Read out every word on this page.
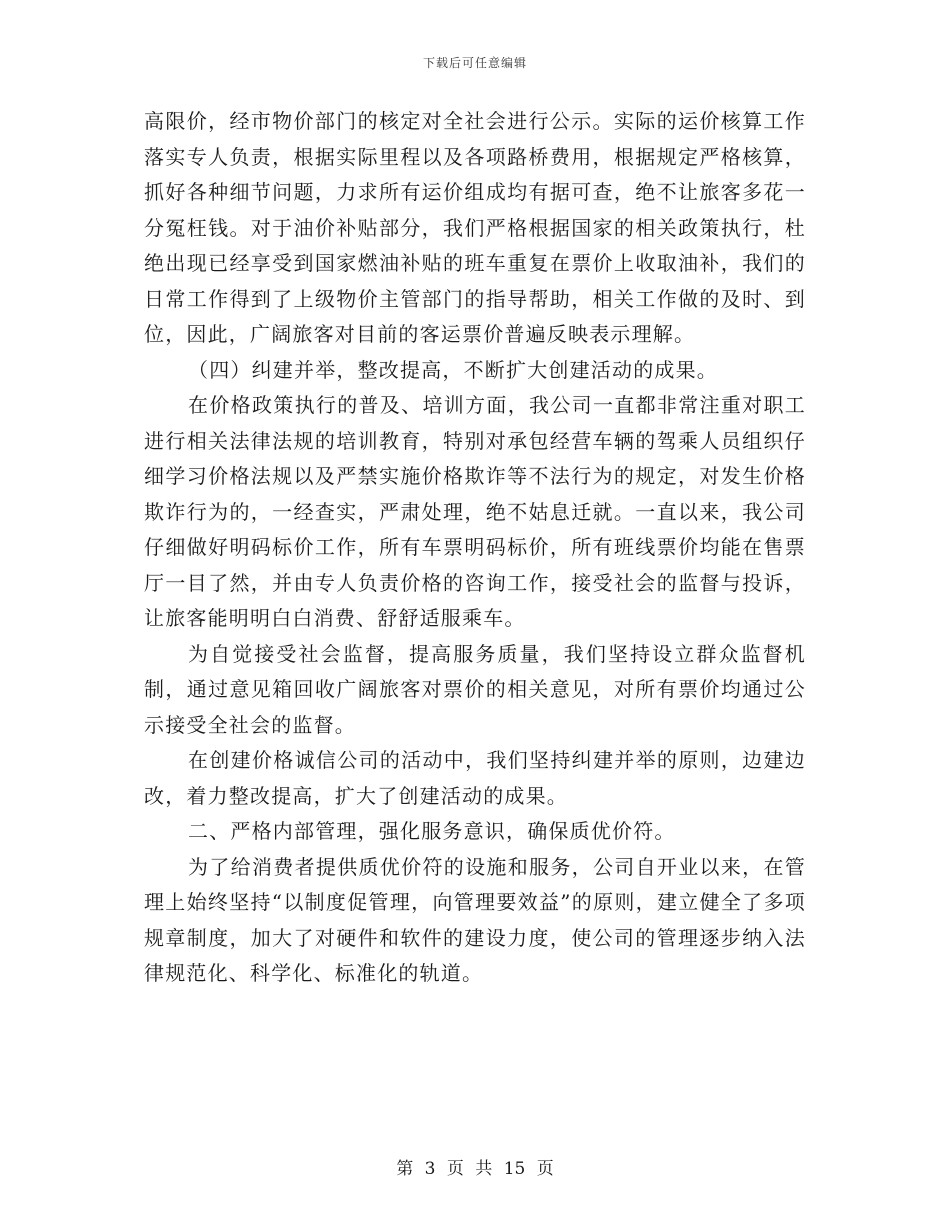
下载后可任意编辑

高限价，经市物价部门的核定对全社会进行公示。实际的运价核算工作落实专人负责，根据实际里程以及各项路桥费用，根据规定严格核算，抓好各种细节问题，力求所有运价组成均有据可查，绝不让旅客多花一分冤枉钱。对于油价补贴部分，我们严格根据国家的相关政策执行，杜绝出现已经享受到国家燃油补贴的班车重复在票价上收取油补，我们的日常工作得到了上级物价主管部门的指导帮助，相关工作做的及时、到位，因此，广阔旅客对目前的客运票价普遍反映表示理解。

（四）纠建并举，整改提高，不断扩大创建活动的成果。

在价格政策执行的普及、培训方面，我公司一直都非常注重对职工进行相关法律法规的培训教育，特别对承包经营车辆的驾乘人员组织仔细学习价格法规以及严禁实施价格欺诈等不法行为的规定，对发生价格欺诈行为的，一经查实，严肃处理，绝不姑息迁就。一直以来，我公司仔细做好明码标价工作，所有车票明码标价，所有班线票价均能在售票厅一目了然，并由专人负责价格的咨询工作，接受社会的监督与投诉，让旅客能明明白白消费、舒舒适服乘车。

为自觉接受社会监督，提高服务质量，我们坚持设立群众监督机制，通过意见箱回收广阔旅客对票价的相关意见，对所有票价均通过公示接受全社会的监督。

在创建价格诚信公司的活动中，我们坚持纠建并举的原则，边建边改，着力整改提高，扩大了创建活动的成果。

二、严格内部管理，强化服务意识，确保质优价符。

为了给消费者提供质优价符的设施和服务，公司自开业以来，在管理上始终坚持“以制度促管理，向管理要效益”的原则，建立健全了多项规章制度，加大了对硬件和软件的建设力度，使公司的管理逐步纳入法律规范化、科学化、标准化的轨道。

第 3 页 共 15 页
